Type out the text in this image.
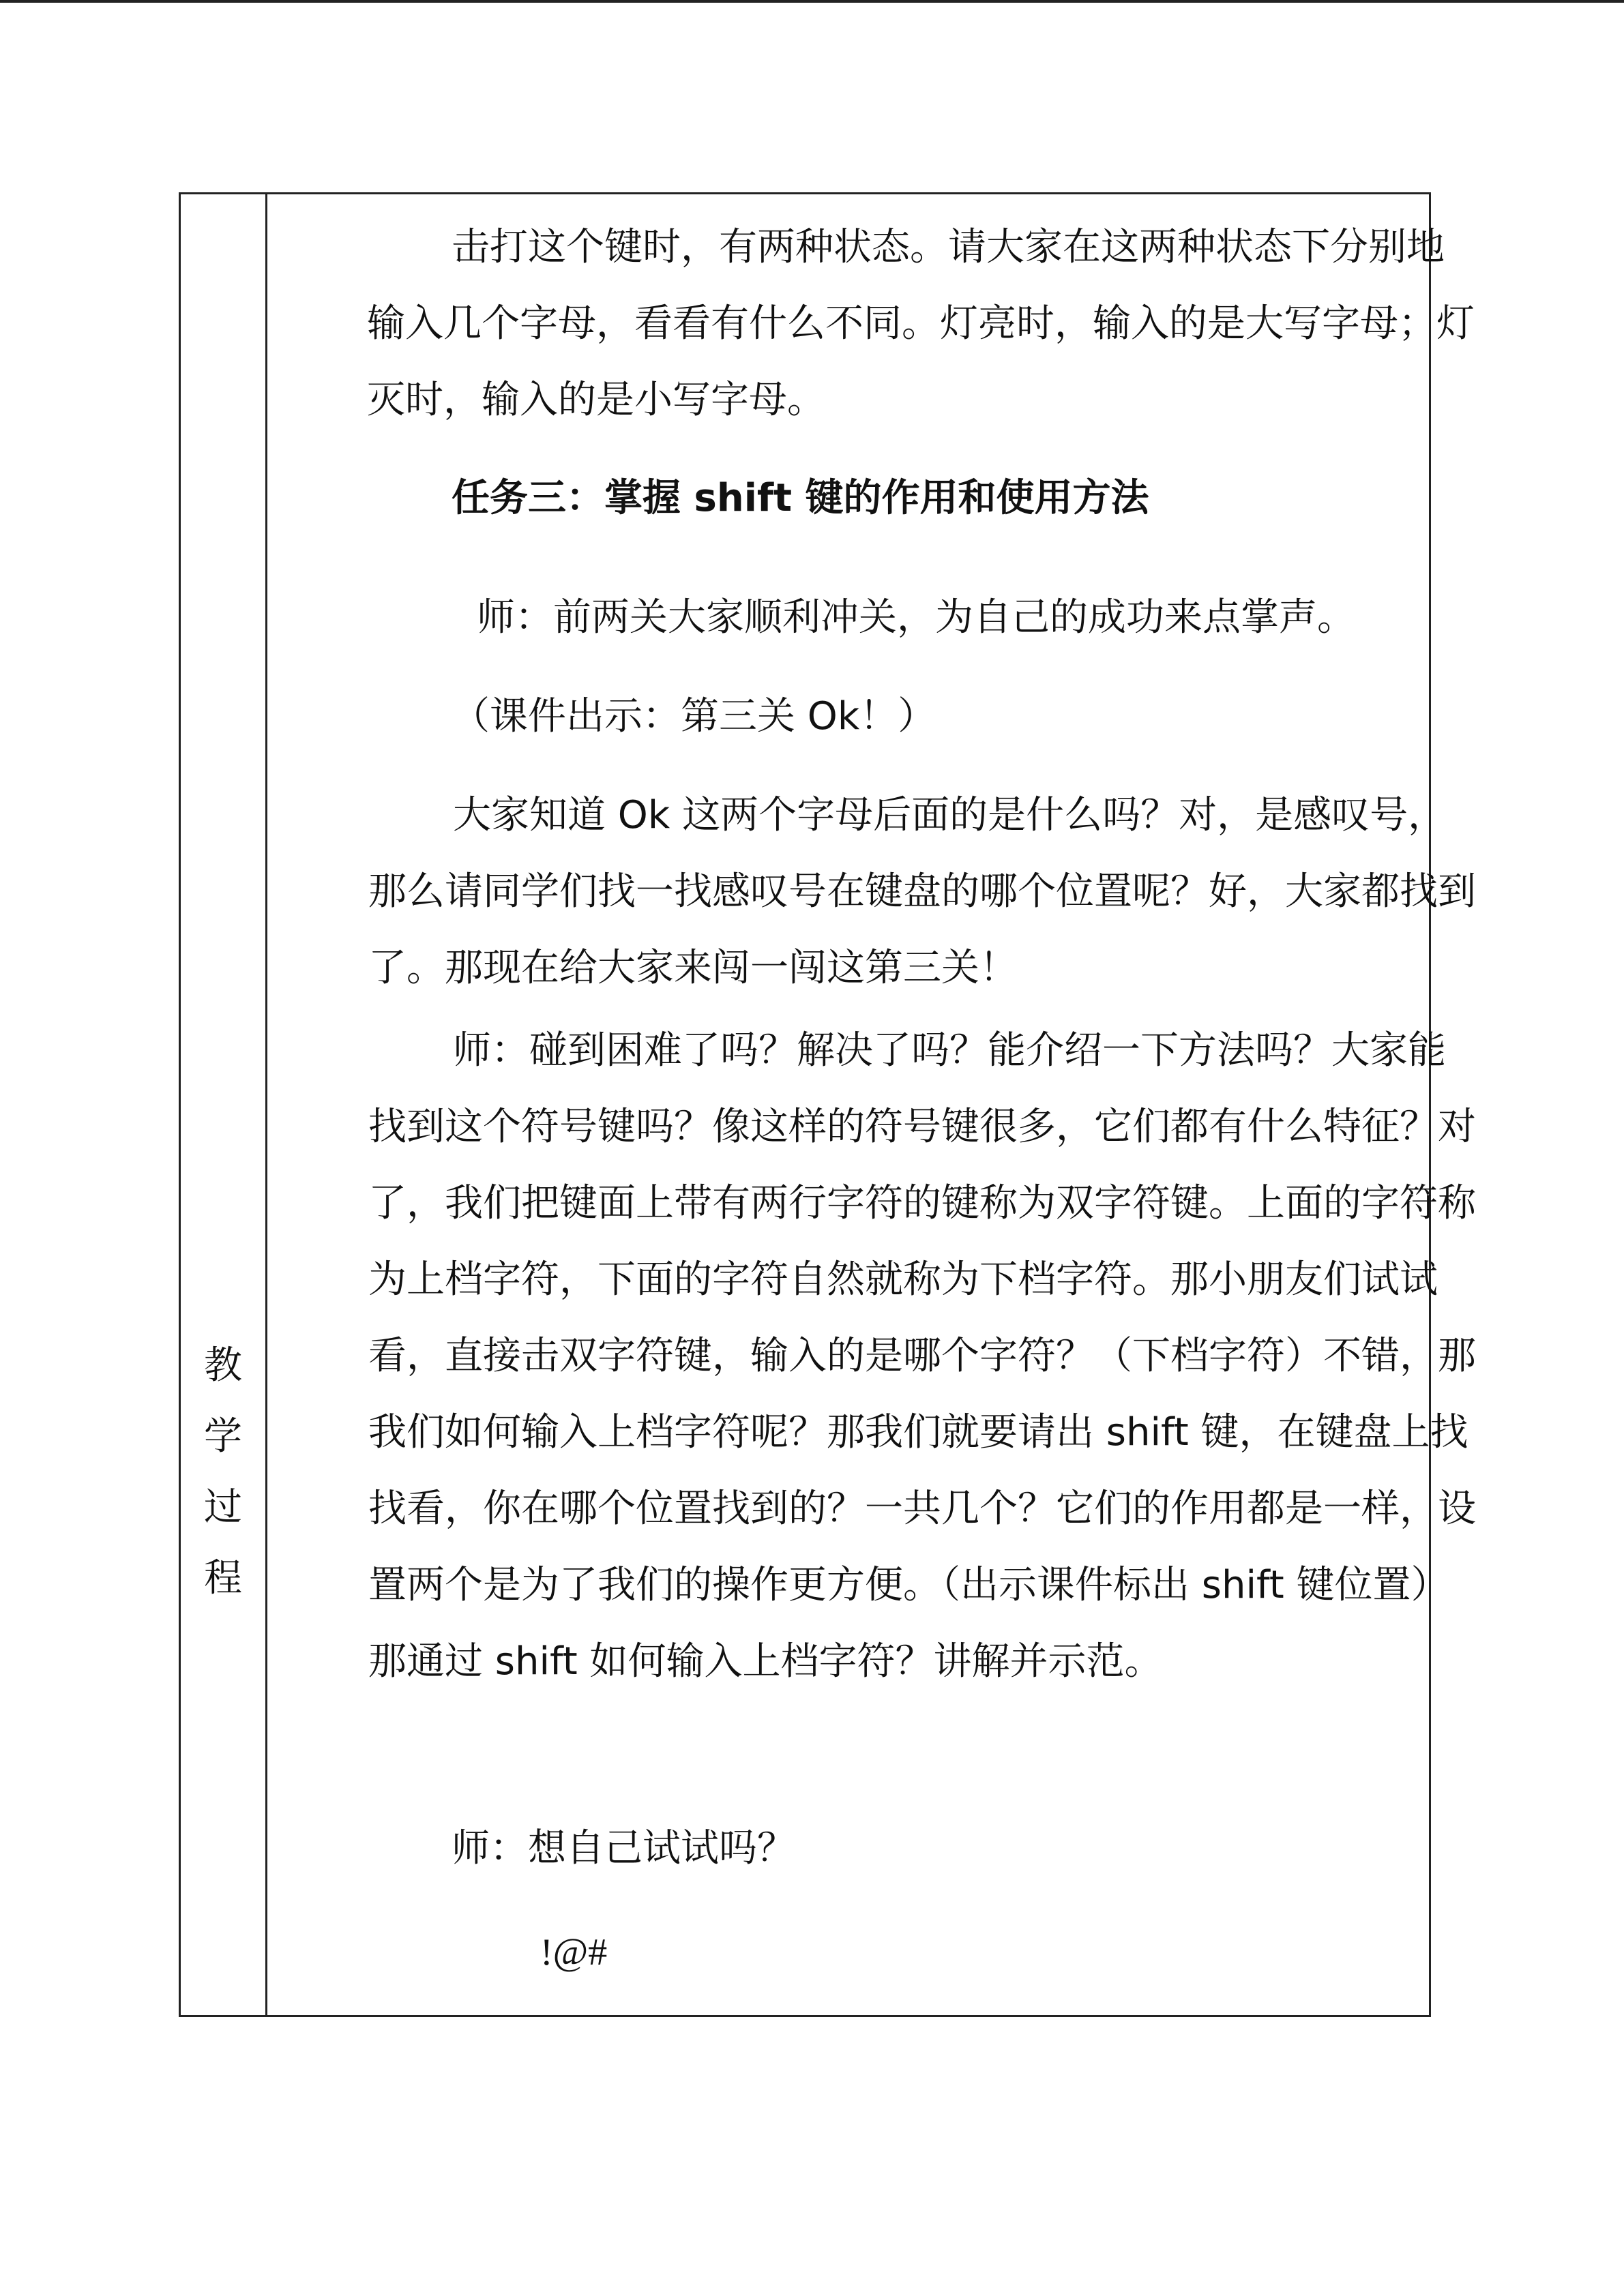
教
学
过
程

击打这个键时，有两种状态。请大家在这两种状态下分别地输入几个字母，看看有什么不同。灯亮时，输入的是大写字母；灯灭时，输入的是小写字母。

任务三：掌握 shift 键的作用和使用方法

师：前两关大家顺利冲关，为自己的成功来点掌声。

（课件出示：第三关 Ok！）

大家知道 Ok 这两个字母后面的是什么吗？对，是感叹号，那么请同学们找一找感叹号在键盘的哪个位置呢？好，大家都找到了。那现在给大家来闯一闯这第三关！

师：碰到困难了吗？解决了吗？能介绍一下方法吗？大家能找到这个符号键吗？像这样的符号键很多，它们都有什么特征？对了，我们把键面上带有两行字符的键称为双字符键。上面的字符称为上档字符，下面的字符自然就称为下档字符。那小朋友们试试看，直接击双字符键，输入的是哪个字符？（下档字符）不错，那我们如何输入上档字符呢？那我们就要请出 shift 键，在键盘上找找看，你在哪个位置找到的？一共几个？它们的作用都是一样，设置两个是为了我们的操作更方便。（出示课件标出 shift 键位置）那通过 shift 如何输入上档字符？讲解并示范。

师：想自己试试吗？

!@#
